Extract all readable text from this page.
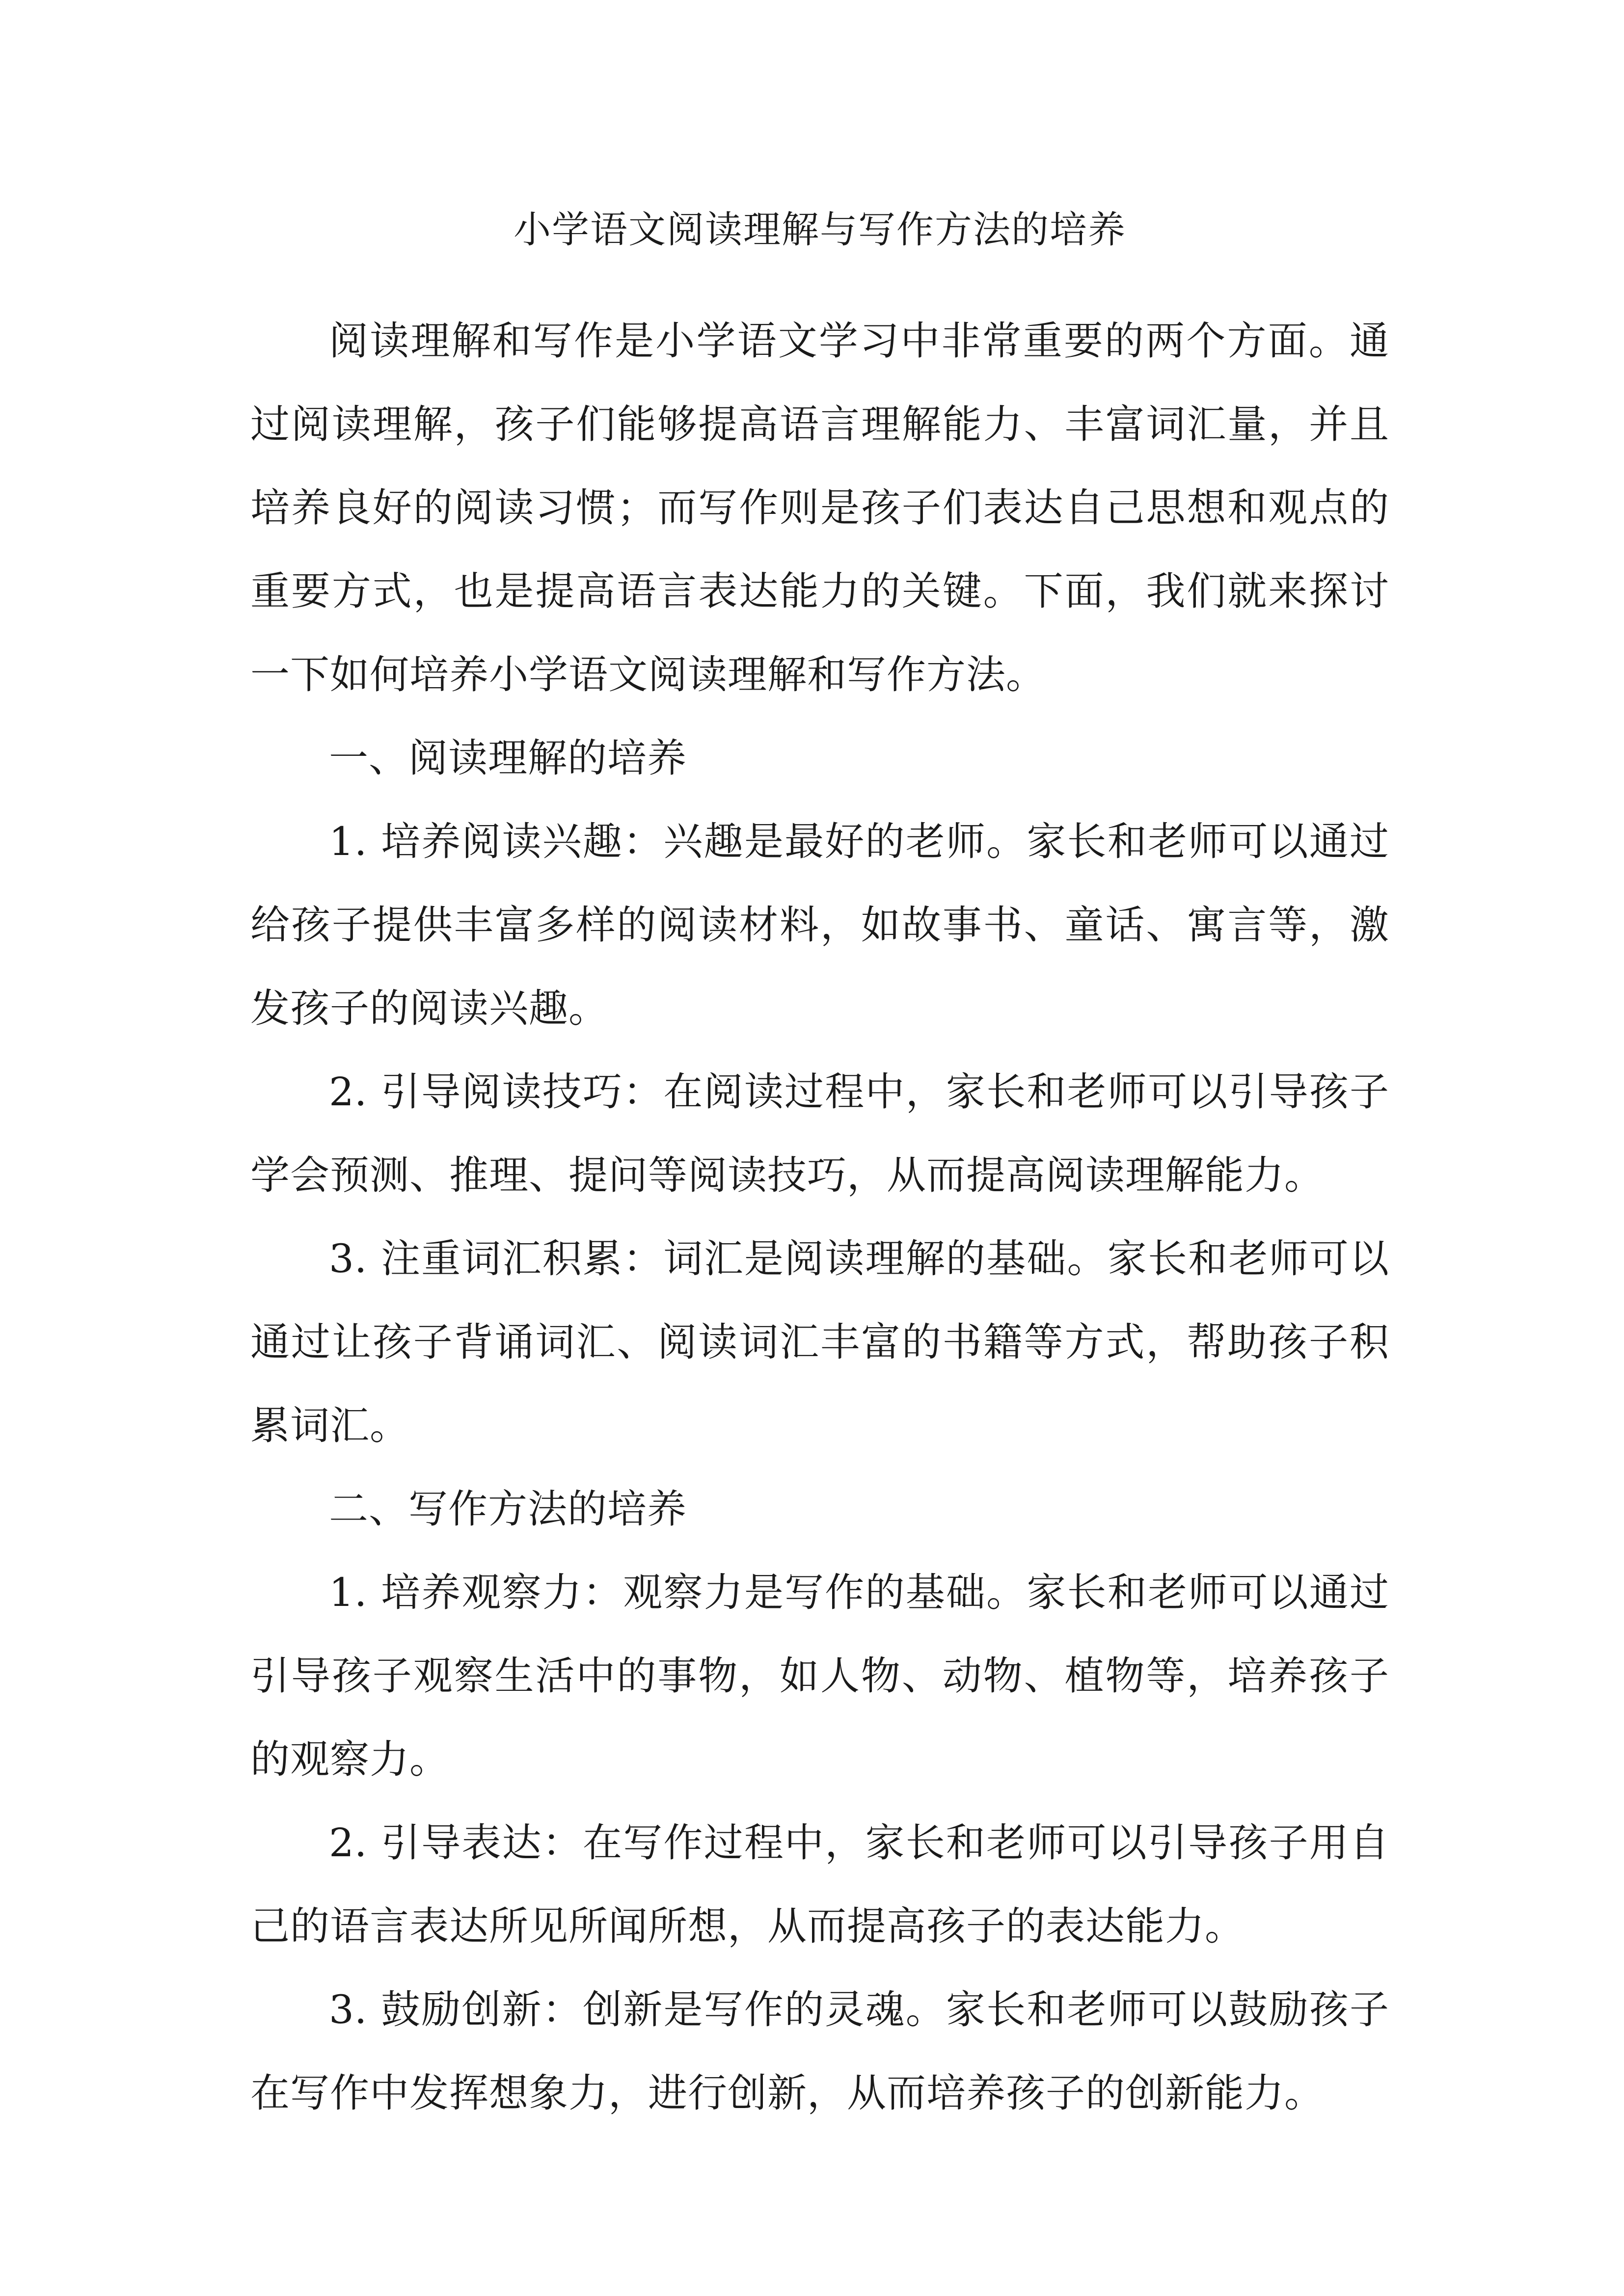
小学语文阅读理解与写作方法的培养

阅读理解和写作是小学语文学习中非常重要的两个方面。通过阅读理解，孩子们能够提高语言理解能力、丰富词汇量，并且培养良好的阅读习惯；而写作则是孩子们表达自己思想和观点的重要方式，也是提高语言表达能力的关键。下面，我们就来探讨一下如何培养小学语文阅读理解和写作方法。

一、阅读理解的培养

1. 培养阅读兴趣：兴趣是最好的老师。家长和老师可以通过给孩子提供丰富多样的阅读材料，如故事书、童话、寓言等，激发孩子的阅读兴趣。

2. 引导阅读技巧：在阅读过程中，家长和老师可以引导孩子学会预测、推理、提问等阅读技巧，从而提高阅读理解能力。

3. 注重词汇积累：词汇是阅读理解的基础。家长和老师可以通过让孩子背诵词汇、阅读词汇丰富的书籍等方式，帮助孩子积累词汇。

二、写作方法的培养

1. 培养观察力：观察力是写作的基础。家长和老师可以通过引导孩子观察生活中的事物，如人物、动物、植物等，培养孩子的观察力。

2. 引导表达：在写作过程中，家长和老师可以引导孩子用自己的语言表达所见所闻所想，从而提高孩子的表达能力。

3. 鼓励创新：创新是写作的灵魂。家长和老师可以鼓励孩子在写作中发挥想象力，进行创新，从而培养孩子的创新能力。
